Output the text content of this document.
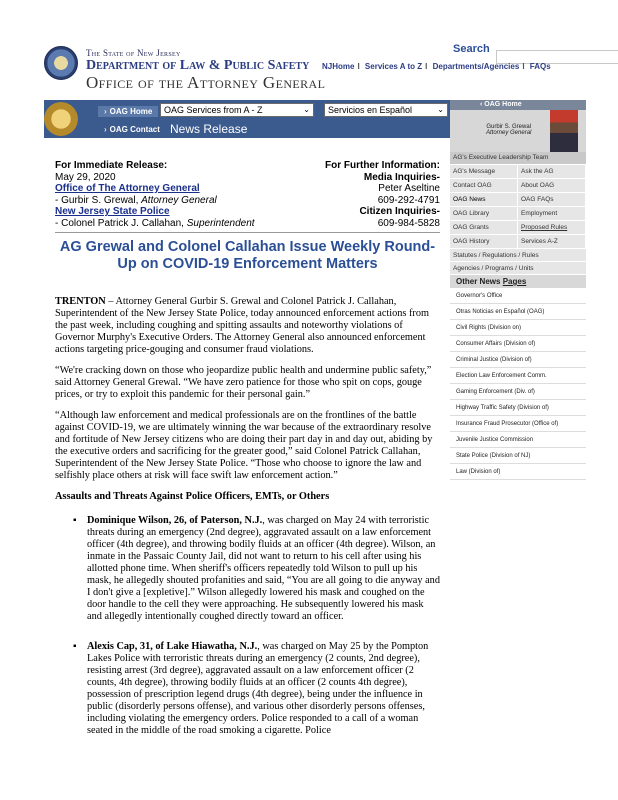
The State of New Jersey
Department of Law & Public Safety
Office of the Attorney General
Search
NJHome I Services A to Z I Departments/Agencies I FAQs
› OAG Home
› OAG Contact
OAG Services from A - Z	⌄	Servicios en Español	⌄
News Release
‹ OAG Home
Gurbir S. Grewal
Attorney General
AG's Executive Leadership Team
AG's Message	Ask the AG
Contact OAG	About OAG
OAG News	OAG FAQs
OAG Library	Employment
OAG Grants	Proposed Rules
OAG History	Services A-Z
Statutes / Regulations / Rules
Agencies / Programs / Units
Other News Pages
Governor's Office
Otras Noticias en Español (OAG)
Civil Rights (Division on)
Consumer Affairs (Division of)
Criminal Justice (Division of)
Election Law Enforcement Comm.
Gaming Enforcement (Div. of)
Highway Traffic Safety (Division of)
Insurance Fraud Prosecutor (Office of)
Juvenile Justice Commission
State Police (Division of NJ)
Law (Division of)
For Immediate Release:
May 29, 2020
Office of The Attorney General
- Gurbir S. Grewal, Attorney General
New Jersey State Police
- Colonel Patrick J. Callahan, Superintendent
For Further Information:
Media Inquiries-
Peter Aseltine
609-292-4791
Citizen Inquiries-
609-984-5828
AG Grewal and Colonel Callahan Issue Weekly Round-Up on COVID-19 Enforcement Matters

TRENTON – Attorney General Gurbir S. Grewal and Colonel Patrick J. Callahan, Superintendent of the New Jersey State Police, today announced enforcement actions from the past week, including coughing and spitting assaults and noteworthy violations of Governor Murphy's Executive Orders. The Attorney General also announced enforcement actions targeting price-gouging and consumer fraud violations.

“We're cracking down on those who jeopardize public health and undermine public safety,” said Attorney General Grewal. “We have zero patience for those who spit on cops, gouge prices, or try to exploit this pandemic for their personal gain.”

“Although law enforcement and medical professionals are on the frontlines of the battle against COVID-19, we are ultimately winning the war because of the extraordinary resolve and fortitude of New Jersey citizens who are doing their part day in and day out, abiding by the executive orders and sacrificing for the greater good,” said Colonel Patrick Callahan, Superintendent of the New Jersey State Police. “Those who choose to ignore the law and selfishly place others at risk will face swift law enforcement action.”

Assaults and Threats Against Police Officers, EMTs, or Others
▪ Dominique Wilson, 26, of Paterson, N.J., was charged on May 24 with terroristic threats during an emergency (2nd degree), aggravated assault on a law enforcement officer (4th degree), and throwing bodily fluids at an officer (4th degree). Wilson, an inmate in the Passaic County Jail, did not want to return to his cell after using his allotted phone time. When sheriff's officers repeatedly told Wilson to pull up his mask, he allegedly shouted profanities and said, “You are all going to die anyway and I don't give a [expletive].” Wilson allegedly lowered his mask and coughed on the door handle to the cell they were approaching. He subsequently lowered his mask and allegedly intentionally coughed directly toward an officer.
▪ Alexis Cap, 31, of Lake Hiawatha, N.J., was charged on May 25 by the Pompton Lakes Police with terroristic threats during an emergency (2 counts, 2nd degree), resisting arrest (3rd degree), aggravated assault on a law enforcement officer (2 counts, 4th degree), throwing bodily fluids at an officer (2 counts 4th degree), possession of prescription legend drugs (4th degree), being under the influence in public (disorderly persons offense), and various other disorderly persons offenses, including violating the emergency orders. Police responded to a call of a woman seated in the middle of the road smoking a cigarette. Police
